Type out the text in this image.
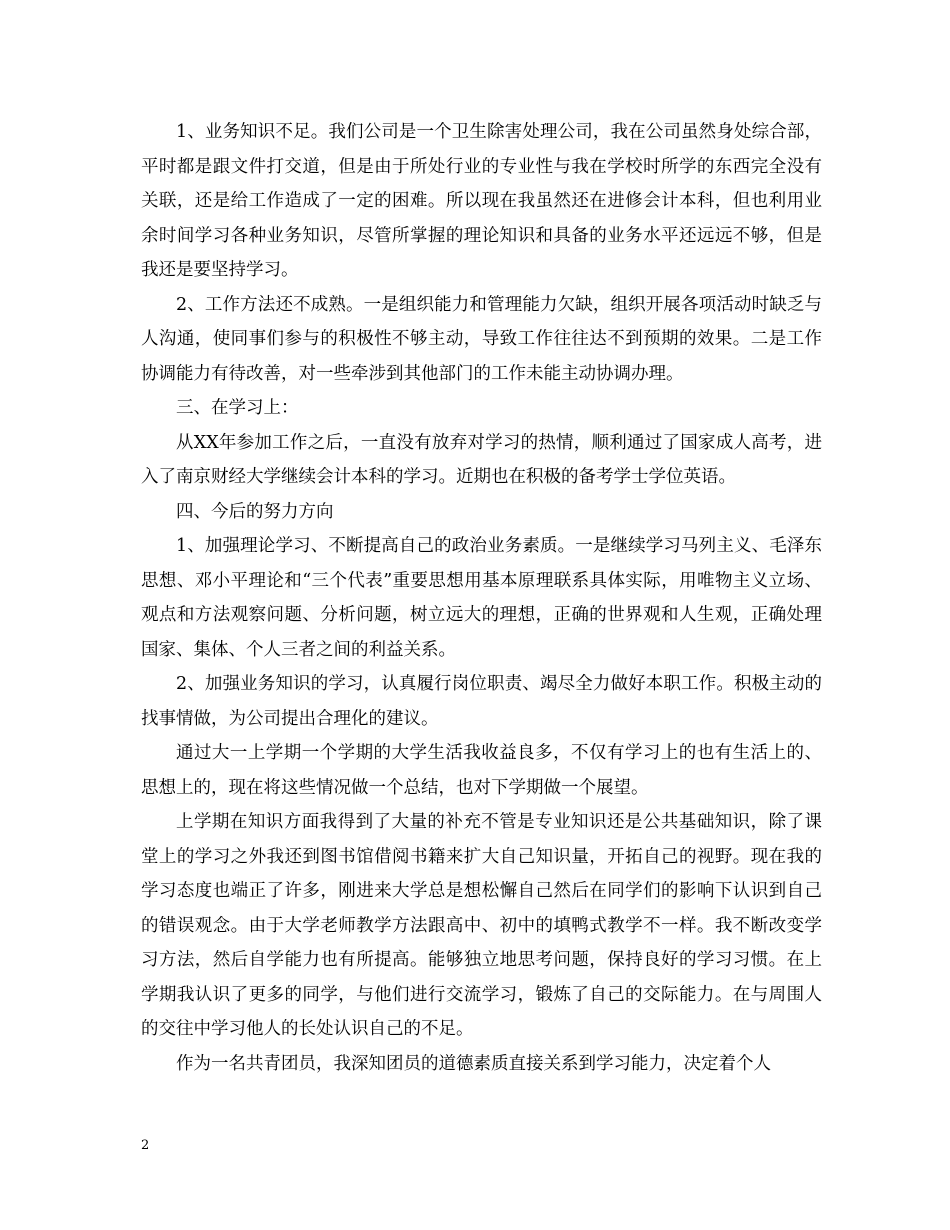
1、业务知识不足。我们公司是一个卫生除害处理公司，我在公司虽然身处综合部，平时都是跟文件打交道，但是由于所处行业的专业性与我在学校时所学的东西完全没有关联，还是给工作造成了一定的困难。所以现在我虽然还在进修会计本科，但也利用业余时间学习各种业务知识，尽管所掌握的理论知识和具备的业务水平还远远不够，但是我还是要坚持学习。

2、工作方法还不成熟。一是组织能力和管理能力欠缺，组织开展各项活动时缺乏与人沟通，使同事们参与的积极性不够主动，导致工作往往达不到预期的效果。二是工作协调能力有待改善，对一些牵涉到其他部门的工作未能主动协调办理。

三、在学习上：

从XX年参加工作之后，一直没有放弃对学习的热情，顺利通过了国家成人高考，进入了南京财经大学继续会计本科的学习。近期也在积极的备考学士学位英语。

四、今后的努力方向

1、加强理论学习、不断提高自己的政治业务素质。一是继续学习马列主义、毛泽东思想、邓小平理论和“三个代表”重要思想用基本原理联系具体实际，用唯物主义立场、观点和方法观察问题、分析问题，树立远大的理想，正确的世界观和人生观，正确处理国家、集体、个人三者之间的利益关系。

2、加强业务知识的学习，认真履行岗位职责、竭尽全力做好本职工作。积极主动的找事情做，为公司提出合理化的建议。

通过大一上学期一个学期的大学生活我收益良多，不仅有学习上的也有生活上的、思想上的，现在将这些情况做一个总结，也对下学期做一个展望。

上学期在知识方面我得到了大量的补充不管是专业知识还是公共基础知识，除了课堂上的学习之外我还到图书馆借阅书籍来扩大自己知识量，开拓自己的视野。现在我的学习态度也端正了许多，刚进来大学总是想松懈自己然后在同学们的影响下认识到自己的错误观念。由于大学老师教学方法跟高中、初中的填鸭式教学不一样。我不断改变学习方法，然后自学能力也有所提高。能够独立地思考问题，保持良好的学习习惯。在上学期我认识了更多的同学，与他们进行交流学习，锻炼了自己的交际能力。在与周围人的交往中学习他人的长处认识自己的不足。

作为一名共青团员，我深知团员的道德素质直接关系到学习能力，决定着个人

2
